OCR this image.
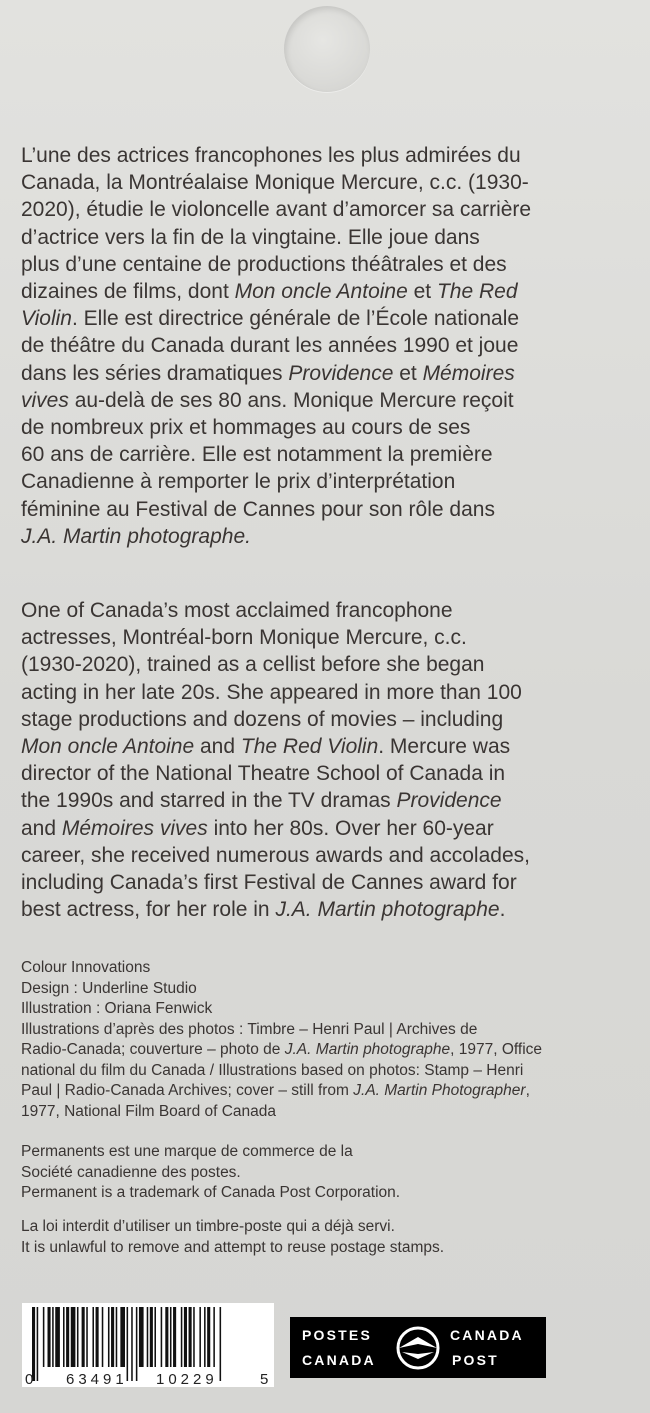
L’une des actrices francophones les plus admirées du
Canada, la Montréalaise Monique Mercure, c.c. (1930-
2020), étudie le violoncelle avant d’amorcer sa carrière
d’actrice vers la fin de la vingtaine. Elle joue dans
plus d’une centaine de productions théâtrales et des
dizaines de films, dont Mon oncle Antoine et The Red
Violin. Elle est directrice générale de l’École nationale
de théâtre du Canada durant les années 1990 et joue
dans les séries dramatiques Providence et Mémoires
vives au-delà de ses 80 ans. Monique Mercure reçoit
de nombreux prix et hommages au cours de ses
60 ans de carrière. Elle est notamment la première
Canadienne à remporter le prix d’interprétation
féminine au Festival de Cannes pour son rôle dans
J.A. Martin photographe.

One of Canada’s most acclaimed francophone
actresses, Montréal-born Monique Mercure, c.c.
(1930-2020), trained as a cellist before she began
acting in her late 20s. She appeared in more than 100
stage productions and dozens of movies – including
Mon oncle Antoine and The Red Violin. Mercure was
director of the National Theatre School of Canada in
the 1990s and starred in the TV dramas Providence
and Mémoires vives into her 80s. Over her 60-year
career, she received numerous awards and accolades,
including Canada’s first Festival de Cannes award for
best actress, for her role in J.A. Martin photographe.

Colour Innovations
Design : Underline Studio
Illustration : Oriana Fenwick
Illustrations d’après des photos : Timbre – Henri Paul | Archives de
Radio-Canada; couverture – photo de J.A. Martin photographe, 1977, Office
national du film du Canada / Illustrations based on photos: Stamp – Henri
Paul | Radio-Canada Archives; cover – still from J.A. Martin Photographer,
1977, National Film Board of Canada

Permanents est une marque de commerce de la
Société canadienne des postes.
Permanent is a trademark of Canada Post Corporation.

La loi interdit d’utiliser un timbre-poste qui a déjà servi.
It is unlawful to remove and attempt to reuse postage stamps.

0 63491 10229	5
POSTES
CANADA
CANADA
POST
